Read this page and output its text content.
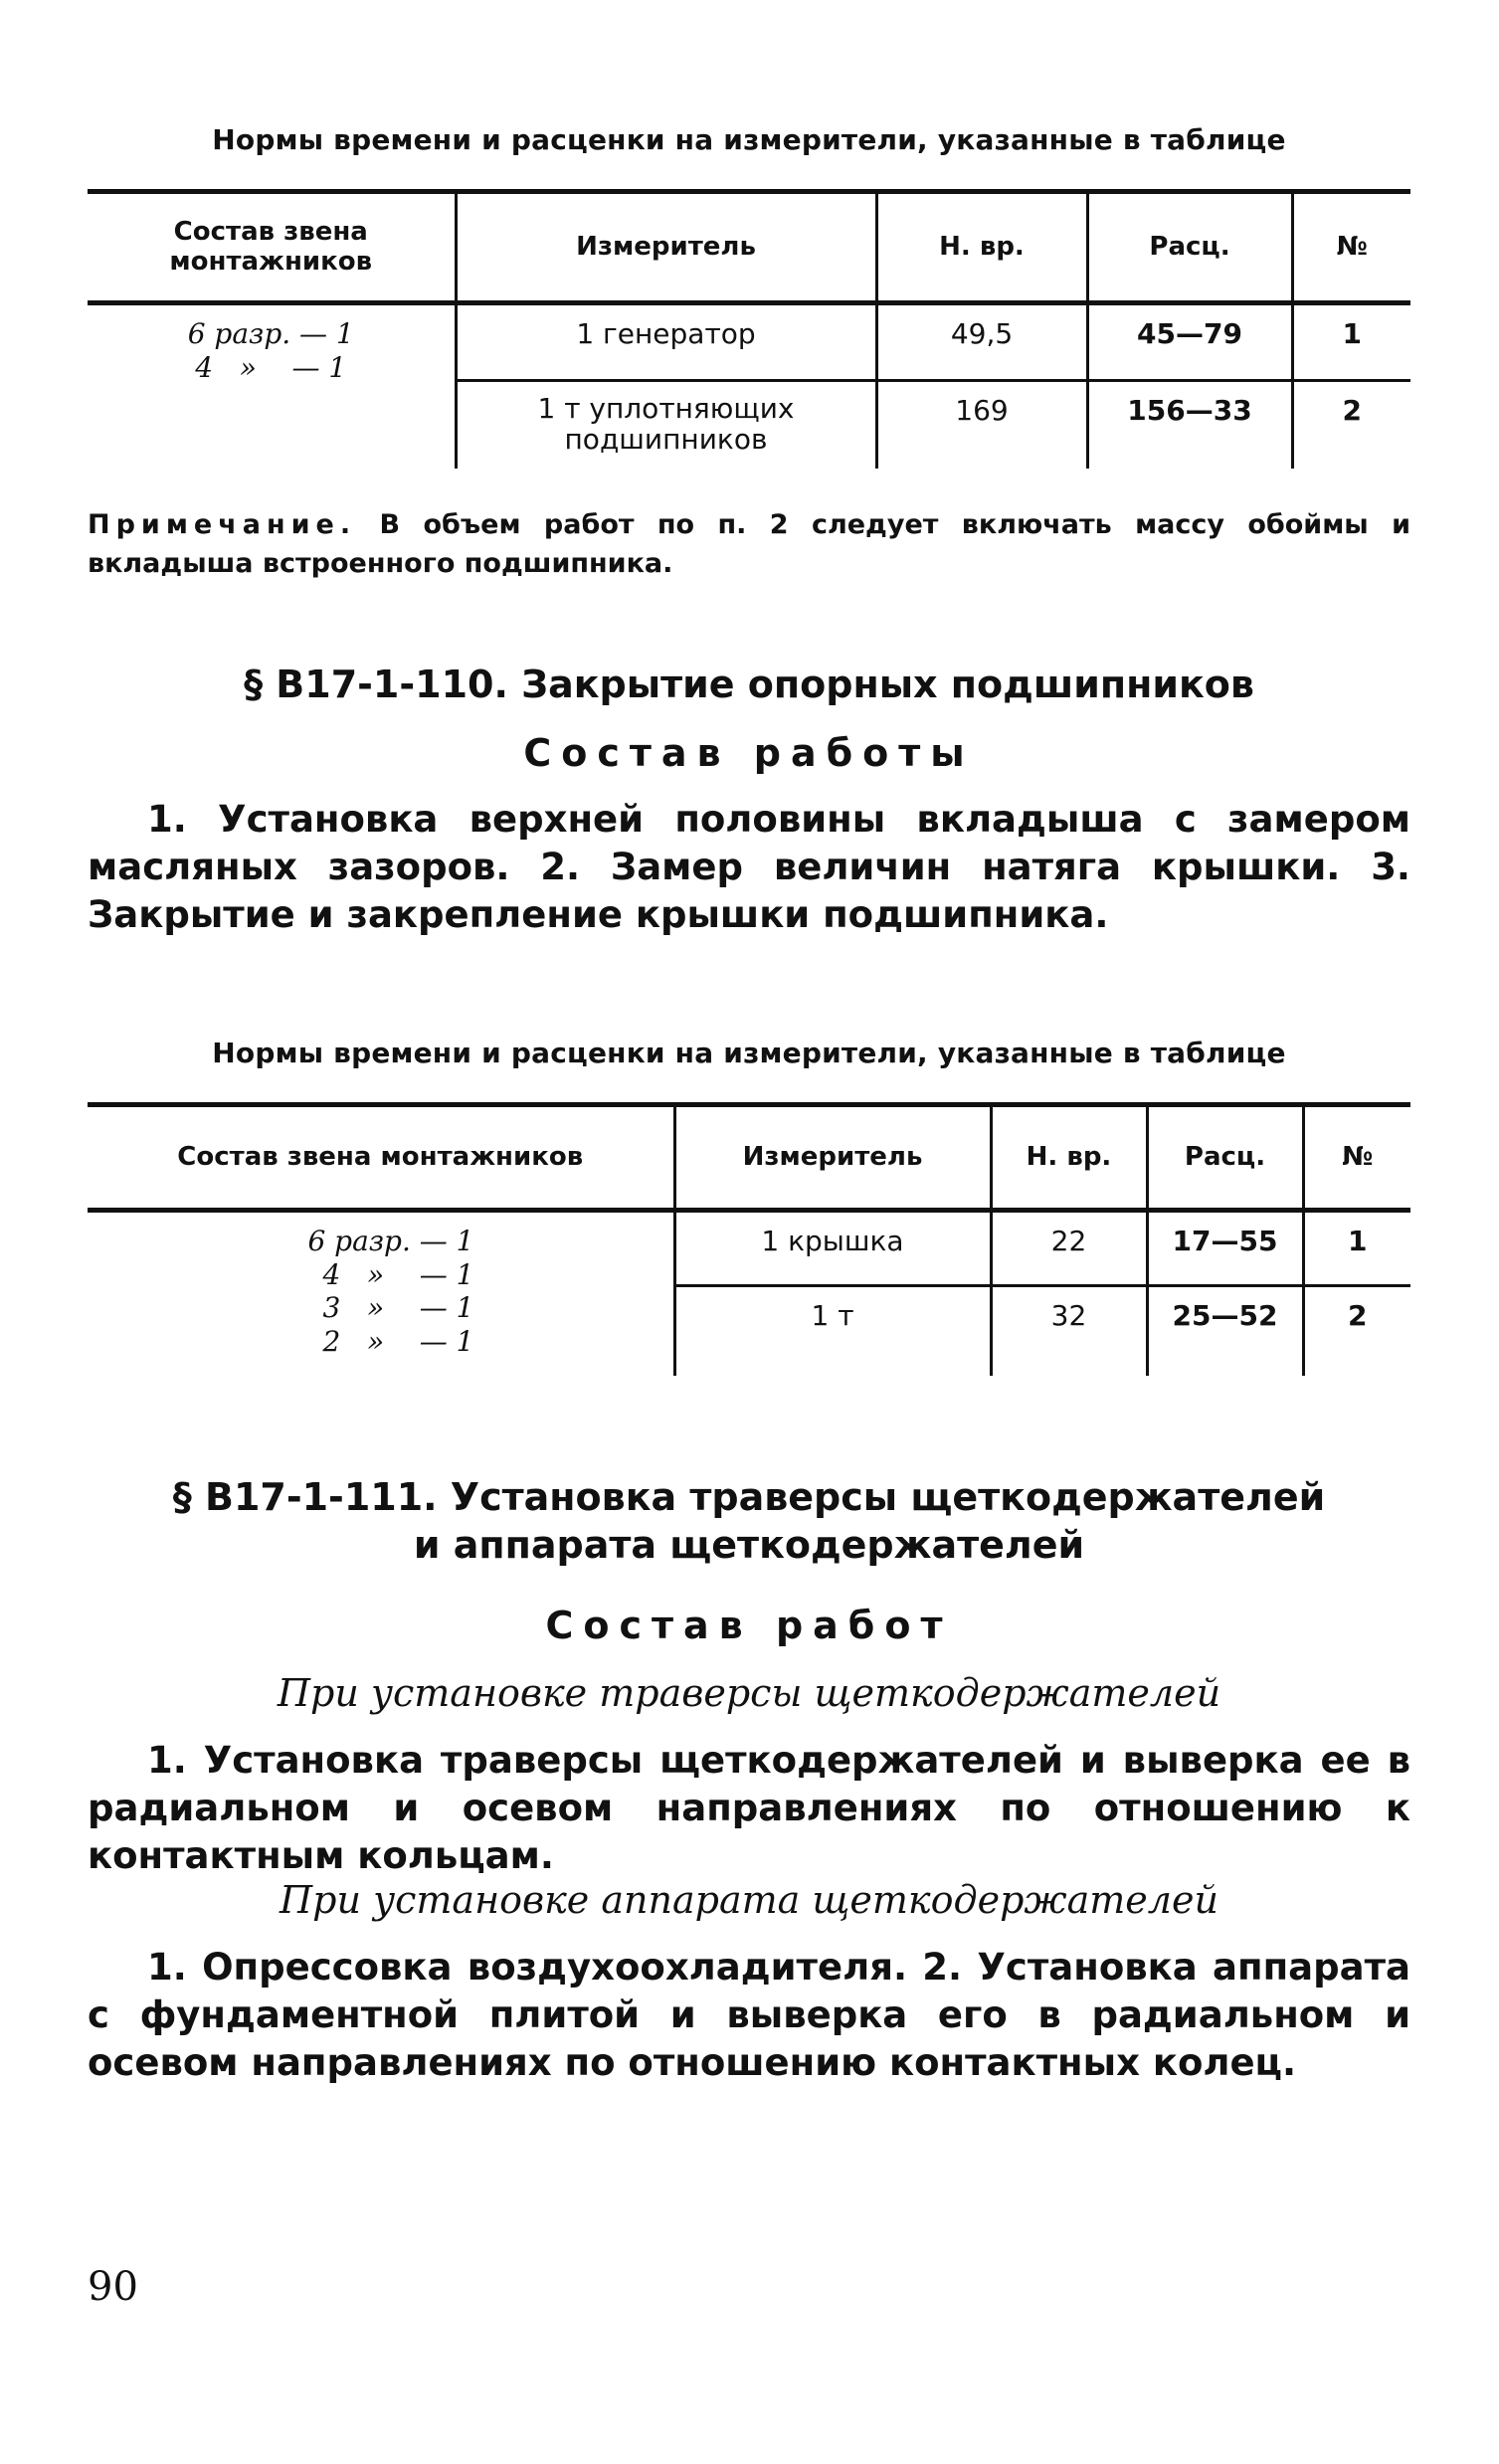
Нормы времени и расценки на измерители, указанные в таблице
Состав звена монтажников	Измеритель	Н. вр.	Расц.	№

6 разр. — 1
4   »    — 1	1 генератор	49,5	45—79	1
	1 т уплотняющих подшипников	169	156—33	2
Примечание. В объем работ по п. 2 следует включать массу обоймы и вкладыша встроенного подшипника.
§ В17-1-110. Закрытие опорных подшипников
Состав работы
1. Установка верхней половины вкладыша с замером масляных зазоров. 2. Замер величин натяга крышки. 3. Закрытие и закрепление крышки подшипника.
Нормы времени и расценки на измерители, указанные в таблице
Состав звена монтажников	Измеритель	Н. вр.	Расц.	№

6 разр. — 1
4   »    — 1
3   »    — 1
2   »    — 1	1 крышка	22	17—55	1
	1 т	32	25—52	2
§ В17-1-111. Установка траверсы щеткодержателей
и аппарата щеткодержателей
Состав работ
При установке траверсы щеткодержателей
1. Установка траверсы щеткодержателей и выверка ее в радиальном и осевом направлениях по отношению к контактным кольцам.
При установке аппарата щеткодержателей
1. Опрессовка воздухоохладителя. 2. Установка аппарата с фундаментной плитой и выверка его в радиальном и осевом направлениях по отношению контактных колец.
90
